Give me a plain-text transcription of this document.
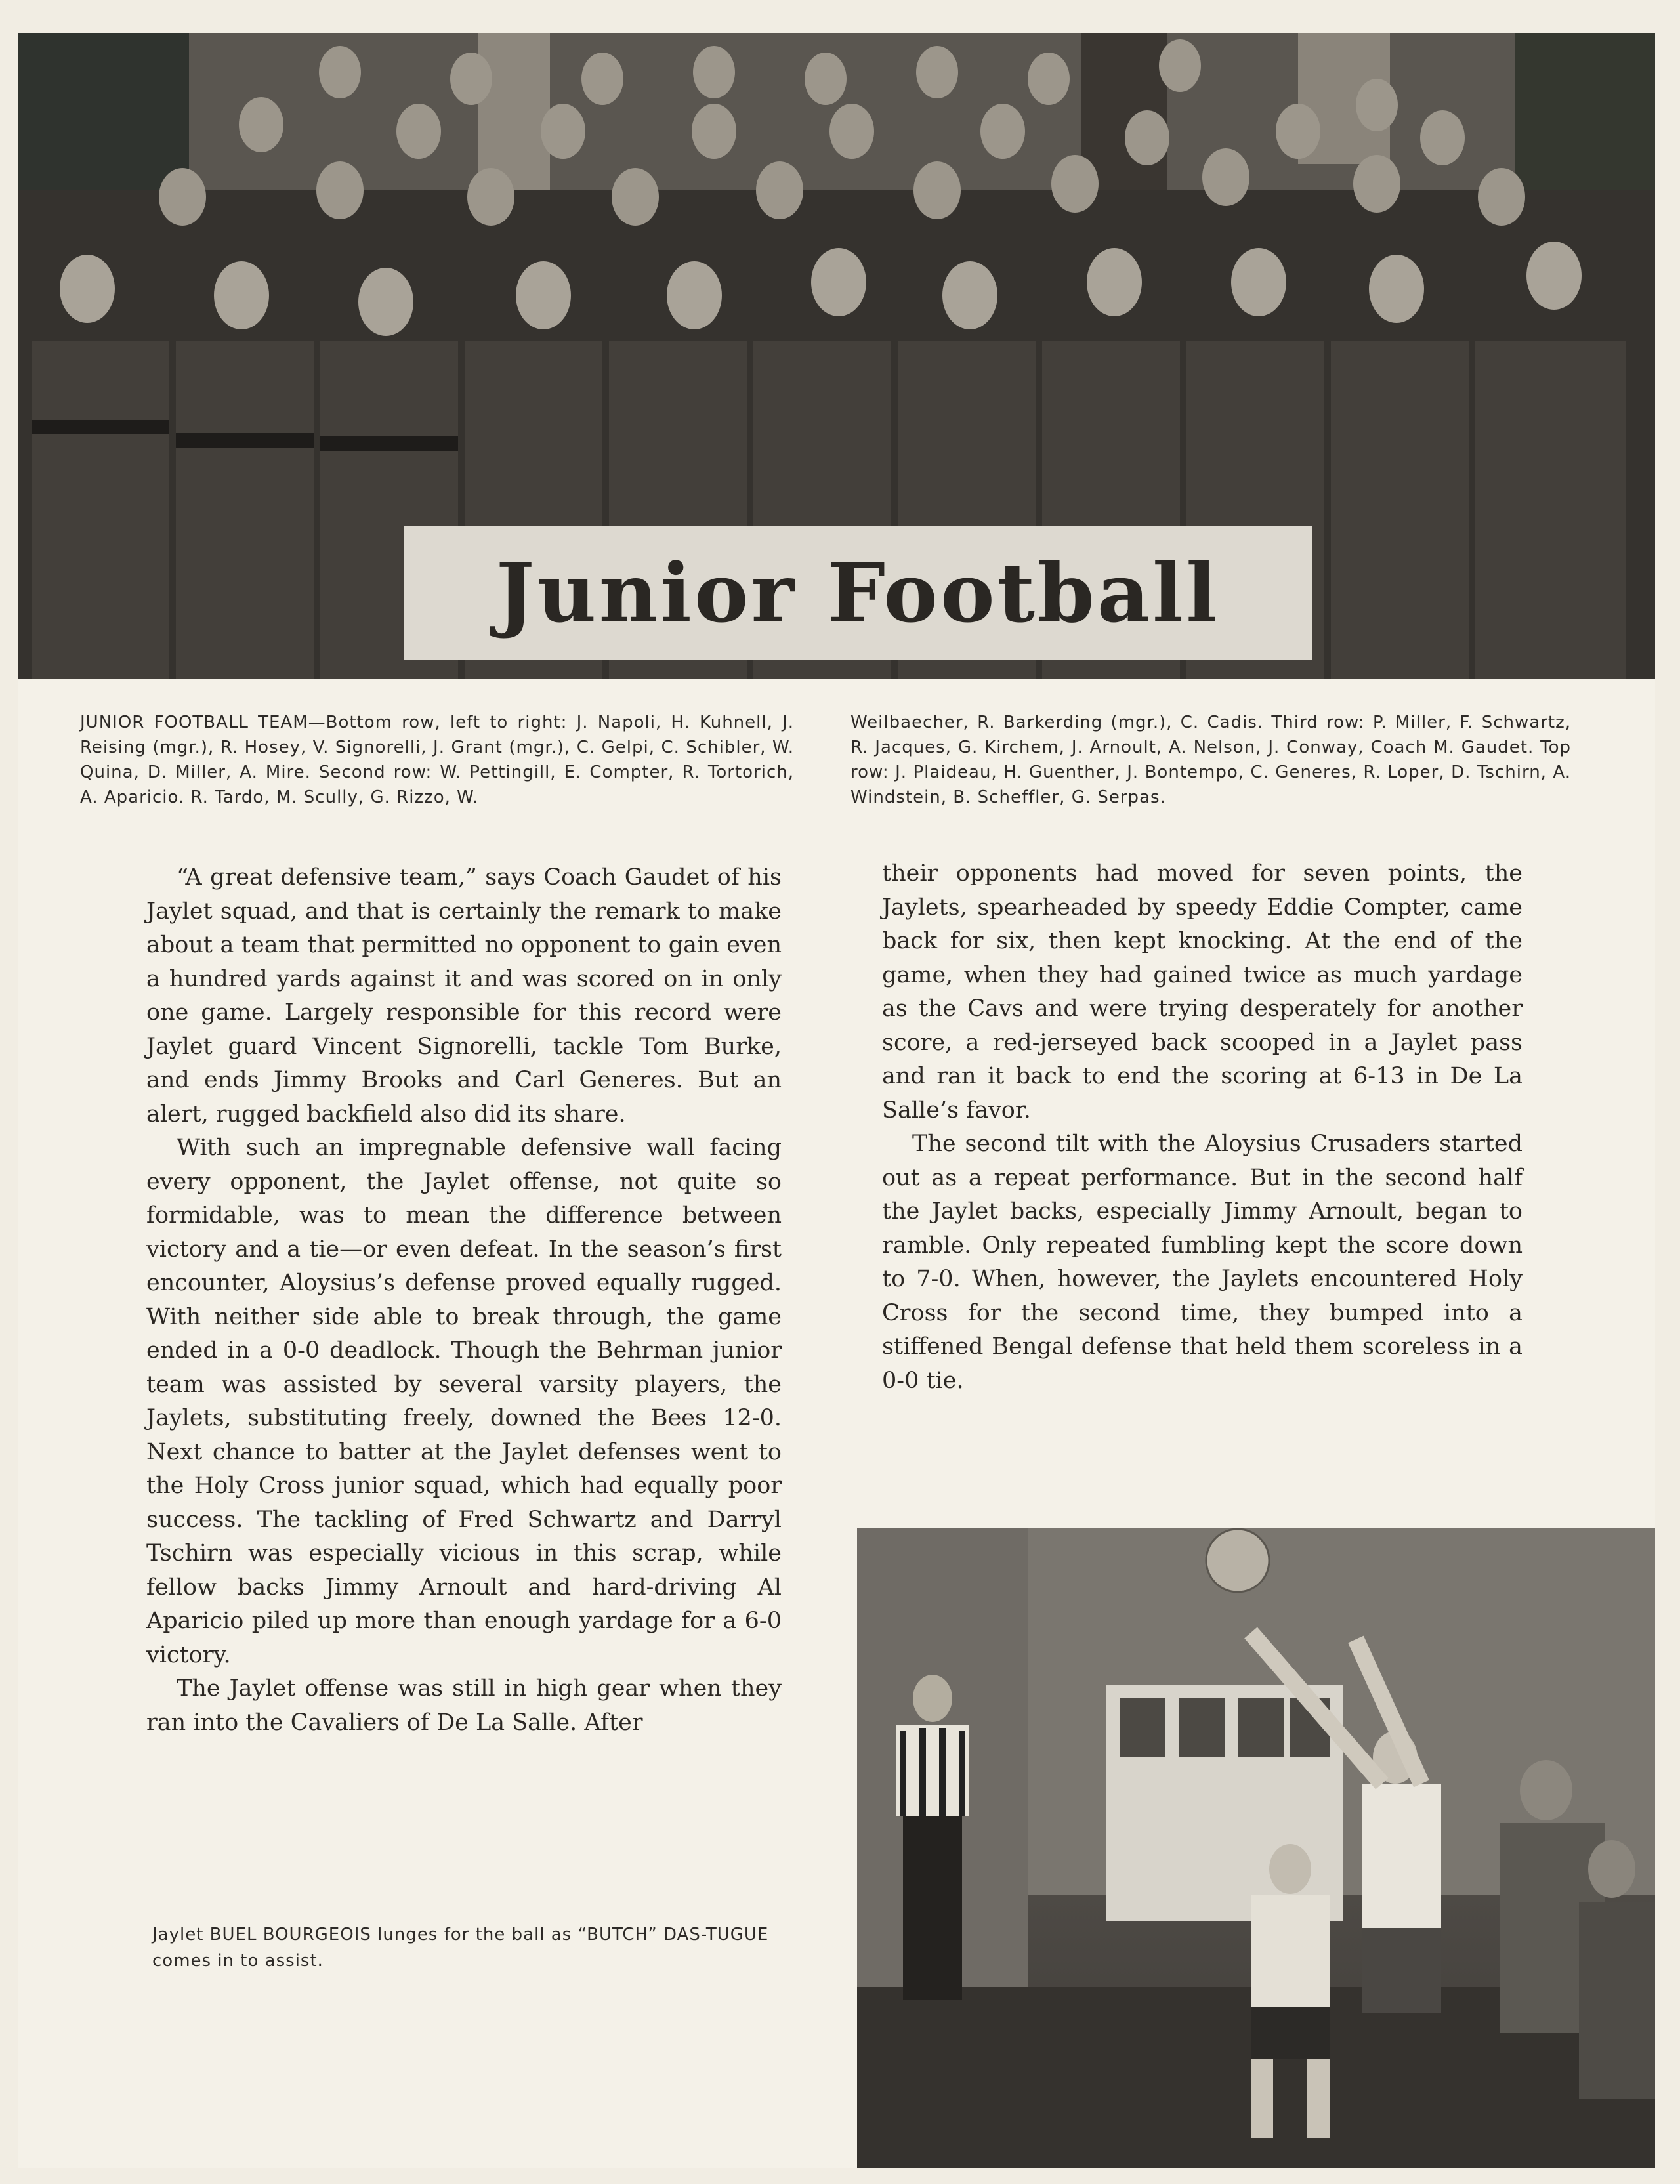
Junior Football
JUNIOR FOOTBALL TEAM—Bottom row, left to right: J. Napoli, H. Kuhnell, J. Reising (mgr.), R. Hosey, V. Signorelli, J. Grant (mgr.), C. Gelpi, C. Schibler, W. Quina, D. Miller, A. Mire. Second row: W. Pettingill, E. Compter, R. Tortorich, A. Aparicio. R. Tardo, M. Scully, G. Rizzo, W.
Weilbaecher, R. Barkerding (mgr.), C. Cadis. Third row: P. Miller, F. Schwartz, R. Jacques, G. Kirchem, J. Arnoult, A. Nelson, J. Conway, Coach M. Gaudet. Top row: J. Plaideau, H. Guenther, J. Bontempo, C. Generes, R. Loper, D. Tschirn, A. Windstein, B. Scheffler, G. Serpas.

“A great defensive team,” says Coach Gaudet of his Jaylet squad, and that is certainly the remark to make about a team that permitted no opponent to gain even a hundred yards against it and was scored on in only one game. Largely responsible for this record were Jaylet guard Vincent Signorelli, tackle Tom Burke, and ends Jimmy Brooks and Carl Generes. But an alert, rugged backfield also did its share.

With such an impregnable defensive wall facing every opponent, the Jaylet offense, not quite so formidable, was to mean the difference between victory and a tie—or even defeat. In the season’s first encounter, Aloysius’s defense proved equally rugged. With neither side able to break through, the game ended in a 0-0 deadlock. Though the Behrman junior team was assisted by several varsity players, the Jaylets, substituting freely, downed the Bees 12-0. Next chance to batter at the Jaylet defenses went to the Holy Cross junior squad, which had equally poor success. The tackling of Fred Schwartz and Darryl Tschirn was especially vicious in this scrap, while fellow backs Jimmy Arnoult and hard-driving Al Aparicio piled up more than enough yardage for a 6-0 victory.

The Jaylet offense was still in high gear when they ran into the Cavaliers of De La Salle. After

their opponents had moved for seven points, the Jaylets, spearheaded by speedy Eddie Compter, came back for six, then kept knocking. At the end of the game, when they had gained twice as much yardage as the Cavs and were trying desperately for another score, a red-jerseyed back scooped in a Jaylet pass and ran it back to end the scoring at 6-13 in De La Salle’s favor.

The second tilt with the Aloysius Crusaders started out as a repeat performance. But in the second half the Jaylet backs, especially Jimmy Arnoult, began to ramble. Only repeated fumbling kept the score down to 7-0. When, however, the Jaylets encountered Holy Cross for the second time, they bumped into a stiffened Bengal defense that held them scoreless in a 0-0 tie.

Jaylet BUEL BOURGEOIS lunges for the ball as “BUTCH” DAS-TUGUE comes in to assist.
